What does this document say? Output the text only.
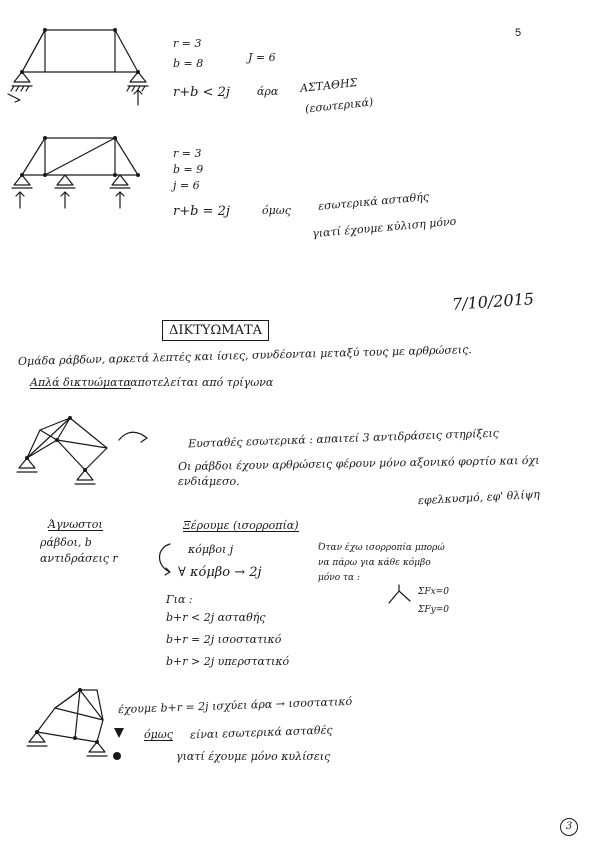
5
r = 3
b = 8	J = 6
r+b < 2j άρα ΑΣΤΑΘΗΣ
(εσωτερικά)
r = 3
b = 9
j = 6
r+b = 2j	όμως εσωτερικά ασταθής
γιατί έχουμε κύλιση μόνο
7/10/2015
ΔΙΚΤΥΩΜΑΤΑ
Ομάδα ράβδων, αρκετά λεπτές και ίσιες, συνδέονται μεταξύ τους με αρθρώσεις.
Απλά δικτυώματα
: αποτελείται από τρίγωνα
Ευσταθές εσωτερικά : απαιτεί 3 αντιδράσεις στηρίξεις
Οι ράβδοι έχουν αρθρώσεις φέρουν μόνο αξονικό φορτίο και όχι
ενδιάμεσο.
εφελκυσμό, εφ' θλίψη
Άγνωστοι
ράβδοι, b
αντιδράσεις r
Ξέρουμε (ισορροπία)
κόμβοι j
∀ κόμβο → 2j
Όταν έχω ισορροπία μπορώ
να πάρω για κάθε κόμβο
μόνο τα :
ΣFx=0
ΣFy=0
Για :
b+r < 2j ασταθής
b+r = 2j ισοστατικό
b+r > 2j υπερστατικό
έχουμε b+r = 2j ισχύει άρα → ισοστατικό
όμως είναι εσωτερικά ασταθές
γιατί έχουμε μόνο κυλίσεις
3
